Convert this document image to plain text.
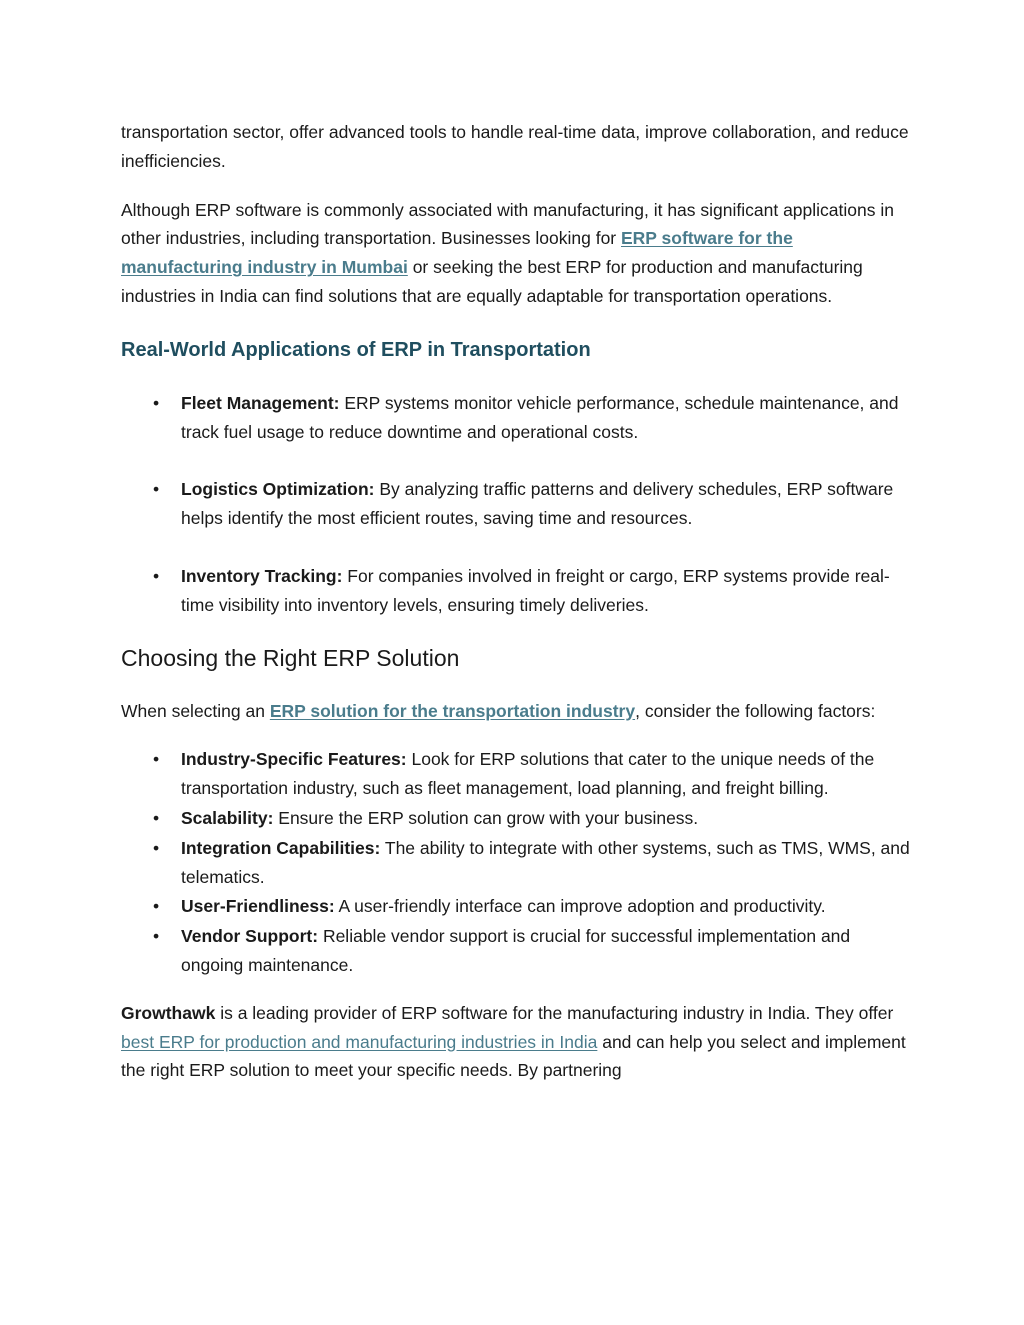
transportation sector, offer advanced tools to handle real-time data, improve collaboration, and reduce inefficiencies.

Although ERP software is commonly associated with manufacturing, it has significant applications in other industries, including transportation. Businesses looking for ERP software for the manufacturing industry in Mumbai or seeking the best ERP for production and manufacturing industries in India can find solutions that are equally adaptable for transportation operations.

Real-World Applications of ERP in Transportation
• Fleet Management: ERP systems monitor vehicle performance, schedule maintenance, and track fuel usage to reduce downtime and operational costs.
• Logistics Optimization: By analyzing traffic patterns and delivery schedules, ERP software helps identify the most efficient routes, saving time and resources.
• Inventory Tracking: For companies involved in freight or cargo, ERP systems provide real-time visibility into inventory levels, ensuring timely deliveries.
Choosing the Right ERP Solution

When selecting an ERP solution for the transportation industry, consider the following factors:

• Industry-Specific Features: Look for ERP solutions that cater to the unique needs of the transportation industry, such as fleet management, load planning, and freight billing.
• Scalability: Ensure the ERP solution can grow with your business.
• Integration Capabilities: The ability to integrate with other systems, such as TMS, WMS, and telematics.
• User-Friendliness: A user-friendly interface can improve adoption and productivity.
• Vendor Support: Reliable vendor support is crucial for successful implementation and ongoing maintenance.

Growthawk is a leading provider of ERP software for the manufacturing industry in India. They offer best ERP for production and manufacturing industries in India and can help you select and implement the right ERP solution to meet your specific needs. By partnering
